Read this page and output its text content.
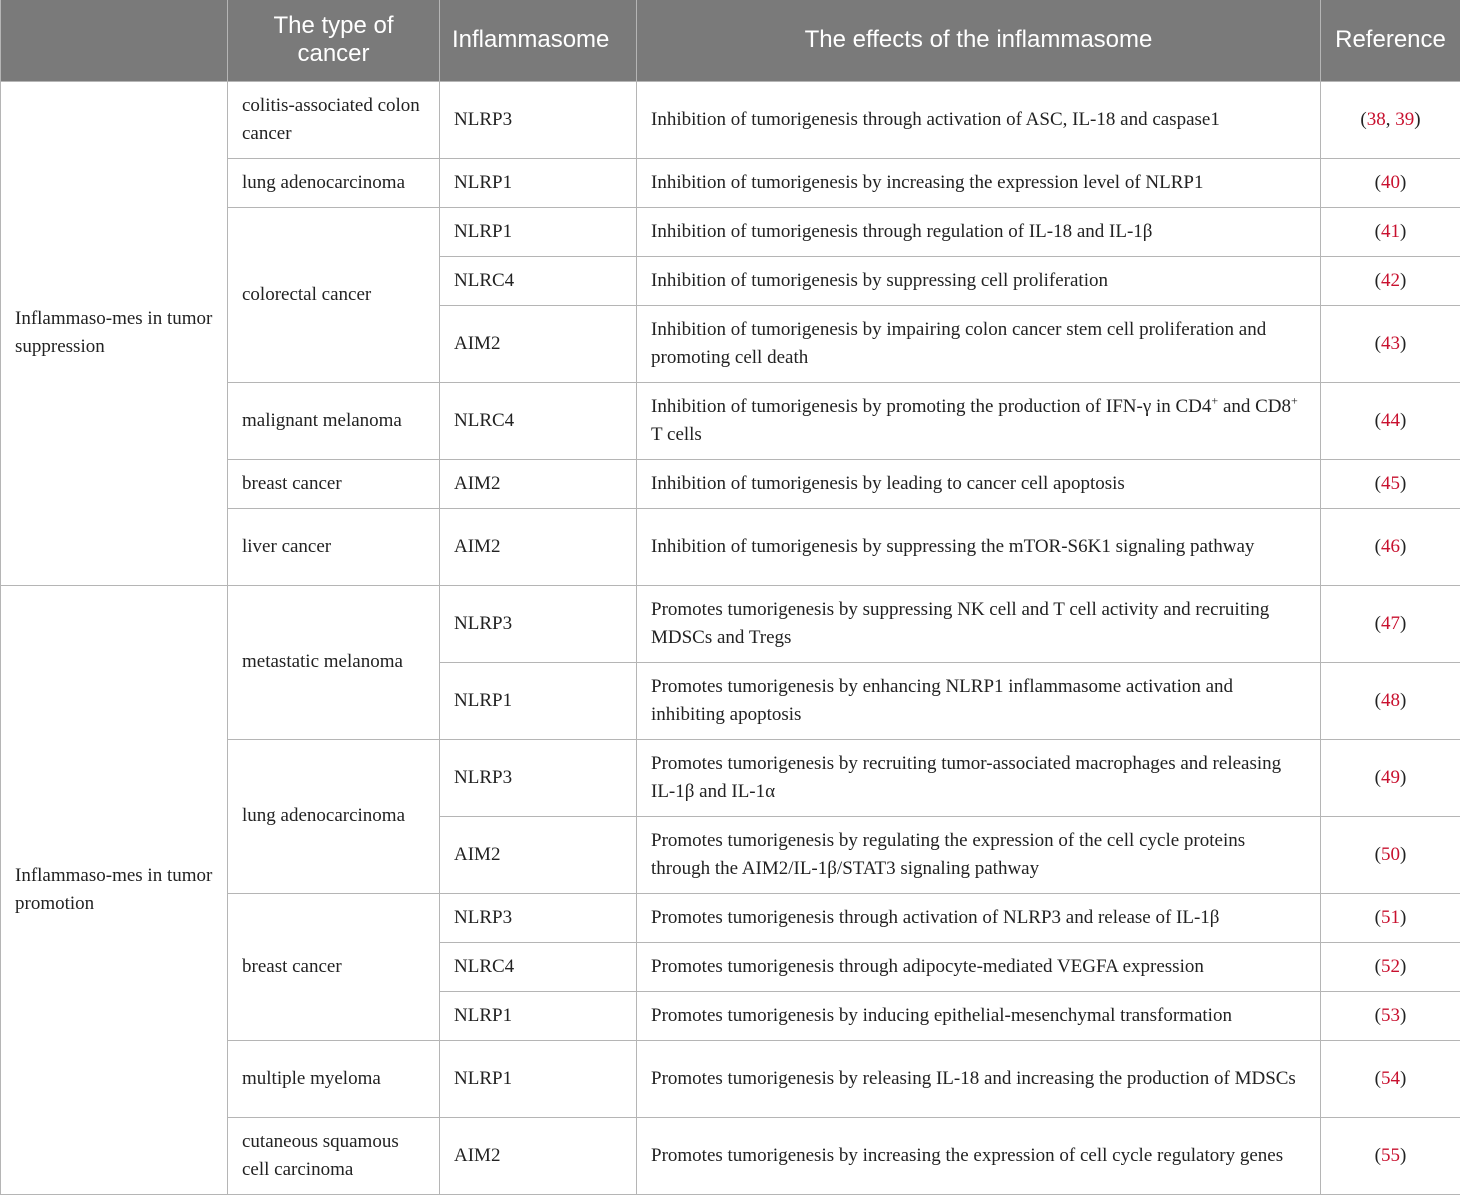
	The type of cancer	Inflammasome	The effects of the inflammasome	Reference
Inflammaso-mes in tumor suppression	colitis-associated colon cancer	NLRP3	Inhibition of tumorigenesis through activation of ASC, IL-18 and caspase1	(38, 39)
	lung adenocarcinoma	NLRP1	Inhibition of tumorigenesis by increasing the expression level of NLRP1	(40)
	colorectal cancer	NLRP1	Inhibition of tumorigenesis through regulation of IL-18 and IL-1β	(41)
		NLRC4	Inhibition of tumorigenesis by suppressing cell proliferation	(42)
		AIM2	Inhibition of tumorigenesis by impairing colon cancer stem cell proliferation and promoting cell death	(43)
	malignant melanoma	NLRC4	Inhibition of tumorigenesis by promoting the production of IFN-γ in CD4+ and CD8+ T cells	(44)
	breast cancer	AIM2	Inhibition of tumorigenesis by leading to cancer cell apoptosis	(45)
	liver cancer	AIM2	Inhibition of tumorigenesis by suppressing the mTOR-S6K1 signaling pathway	(46)
Inflammaso-mes in tumor promotion	metastatic melanoma	NLRP3	Promotes tumorigenesis by suppressing NK cell and T cell activity and recruiting MDSCs and Tregs	(47)
		NLRP1	Promotes tumorigenesis by enhancing NLRP1 inflammasome activation and inhibiting apoptosis	(48)
	lung adenocarcinoma	NLRP3	Promotes tumorigenesis by recruiting tumor-associated macrophages and releasing IL-1β and IL-1α	(49)
		AIM2	Promotes tumorigenesis by regulating the expression of the cell cycle proteins through the AIM2/IL-1β/STAT3 signaling pathway	(50)
	breast cancer	NLRP3	Promotes tumorigenesis through activation of NLRP3 and release of IL-1β	(51)
		NLRC4	Promotes tumorigenesis through adipocyte-mediated VEGFA expression	(52)
		NLRP1	Promotes tumorigenesis by inducing epithelial-mesenchymal transformation	(53)
	multiple myeloma	NLRP1	Promotes tumorigenesis by releasing IL-18 and increasing the production of MDSCs	(54)
	cutaneous squamous cell carcinoma	AIM2	Promotes tumorigenesis by increasing the expression of cell cycle regulatory genes	(55)
